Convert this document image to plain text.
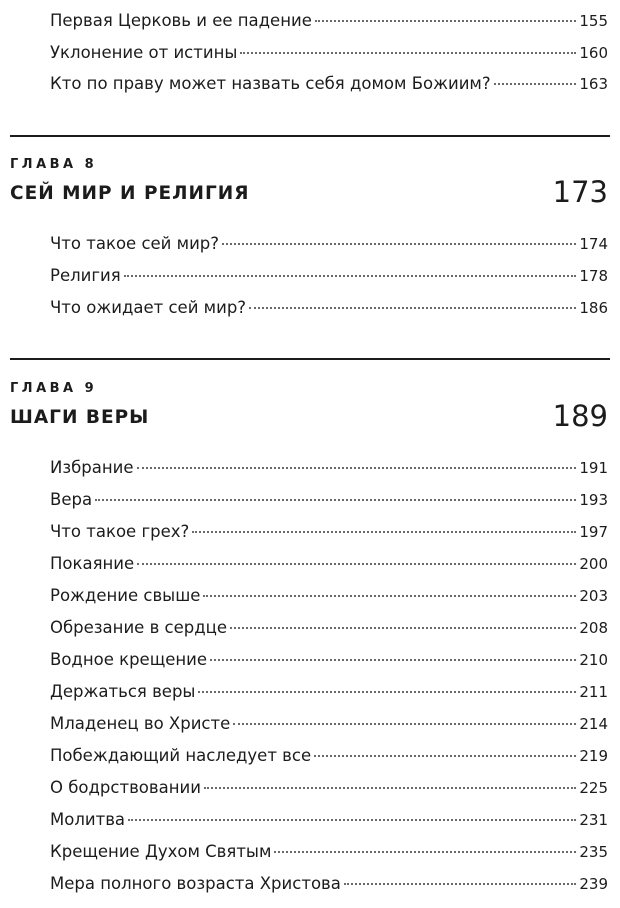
Первая Церковь и ее падение	155
Уклонение от истины	160
Кто по праву может назвать себя домом Божиим?	163
ГЛАВА 8
СЕЙ МИР И РЕЛИГИЯ	173
Что такое сей мир?	174
Религия	178
Что ожидает сей мир?	186
ГЛАВА 9
ШАГИ ВЕРЫ	189
Избрание	191
Вера	193
Что такое грех?	197
Покаяние	200
Рождение свыше	203
Обрезание в сердце	208
Водное крещение	210
Держаться веры	211
Младенец во Христе	214
Побеждающий наследует все	219
О бодрствовании	225
Молитва	231
Крещение Духом Святым	235
Мера полного возраста Христова	239
